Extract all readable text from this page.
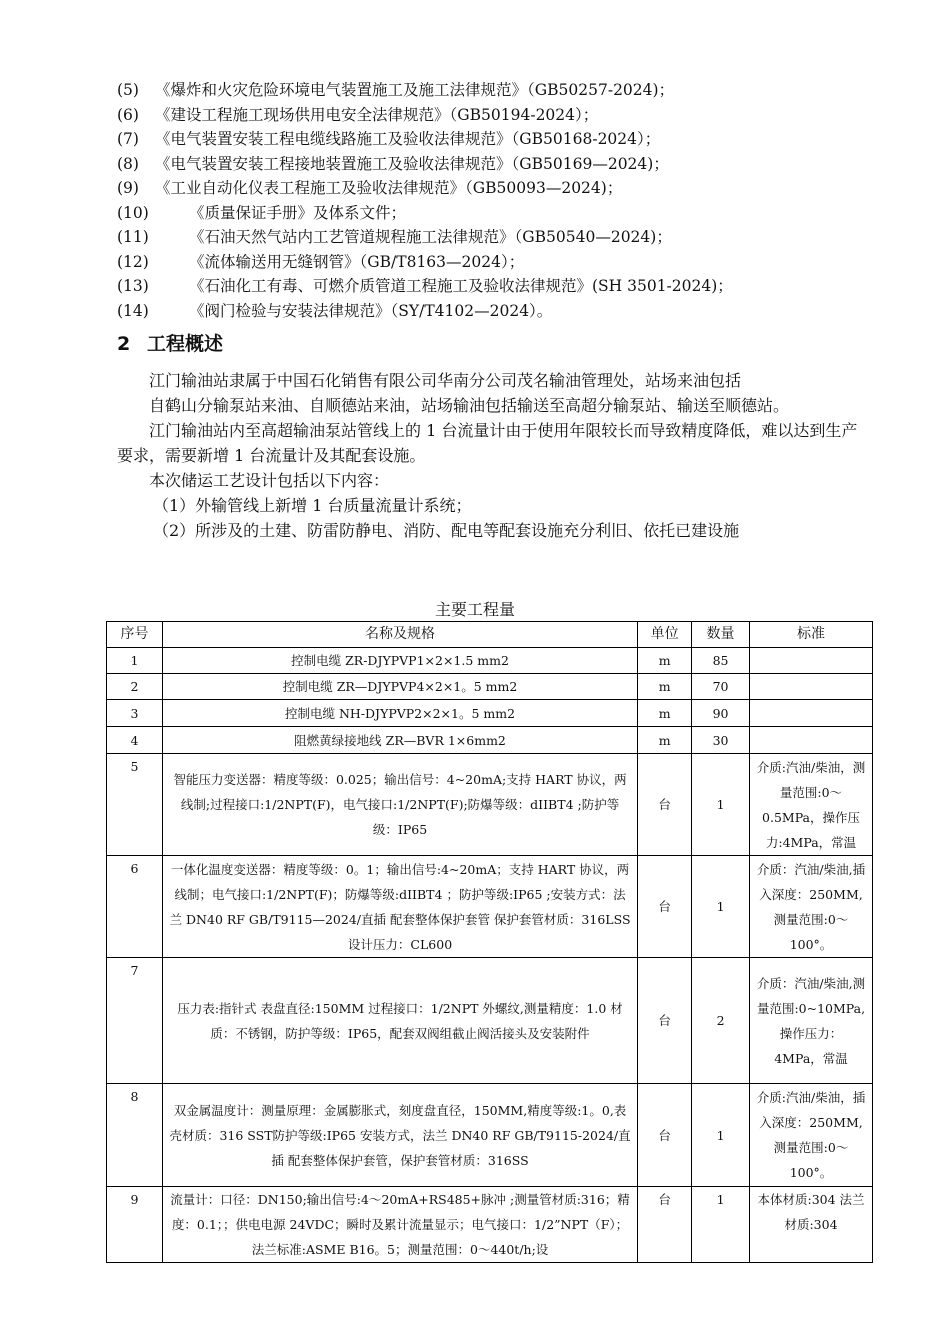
(5) 《爆炸和火灾危险环境电气装置施工及施工法律规范》（GB50257-2024)；
(6) 《建设工程施工现场供用电安全法律规范》（GB50194-2024）；
(7) 《电气装置安装工程电缆线路施工及验收法律规范》（GB50168-2024）；
(8) 《电气装置安装工程接地装置施工及验收法律规范》（GB50169—2024)；
(9) 《工业自动化仪表工程施工及验收法律规范》（GB50093—2024)；
(10)	《质量保证手册》及体系文件；
(11)	《石油天然气站内工艺管道规程施工法律规范》（GB50540—2024)；
(12)	《流体输送用无缝钢管》（GB/T8163—2024）；
(13)	《石油化工有毒、可燃介质管道工程施工及验收法律规范》(SH 3501-2024)；
(14)	《阀门检验与安装法律规范》（SY/T4102—2024）。
2 工程概述

江门输油站隶属于中国石化销售有限公司华南分公司茂名输油管理处，站场来油包括

自鹤山分输泵站来油、自顺德站来油，站场输油包括输送至高超分输泵站、输送至顺德站。

江门输油站内至高超输油泵站管线上的 1 台流量计由于使用年限较长而导致精度降低，难以达到生产要求，需要新增 1 台流量计及其配套设施。

本次储运工艺设计包括以下内容：

（1）外输管线上新增 1 台质量流量计系统；

（2）所涉及的土建、防雷防静电、消防、配电等配套设施充分利旧、依托已建设施

主要工程量
序号	名称及规格	单位	数量	标准
1	控制电缆 ZR-DJYPVP1×2×1.5 mm2	m	85	
2	控制电缆 ZR—DJYPVP4×2×1。5 mm2	m	70	
3	控制电缆 NH-DJYPVP2×2×1。5 mm2	m	90	
4	阻燃黄绿接地线 ZR—BVR 1×6mm2	m	30	
5	智能压力变送器：精度等级：0.025；输出信号：4~20mA;支持 HART 协议，两线制;过程接口:1/2NPT(F)，电气接口:1/2NPT(F);防爆等级：dIIBT4 ;防护等级：IP65	台	1	介质:汽油/柴油，测量范围:0～0.5MPa，操作压力:4MPa，常温
6	一体化温度变送器：精度等级：0。1；输出信号:4~20mA；支持 HART 协议，两线制；电气接口:1/2NPT(F)；防爆等级:dIIBT4 ；防护等级:IP65 ;安装方式：法兰 DN40 RF GB/T9115—2024/直插 配套整体保护套管 保护套管材质：316LSS 设计压力：CL600	台	1	介质：汽油/柴油,插入深度：250MM,测量范围:0～100°。
7	压力表:指针式 表盘直径:150MM 过程接口：1/2NPT 外螺纹,测量精度：1.0 材质：不锈钢，防护等级：IP65，配套双阀组截止阀活接头及安装附件	台	2	介质：汽油/柴油,测量范围:0~10MPa,操作压力：4MPa，常温
8	双金属温度计：测量原理：金属膨胀式，刻度盘直径，150MM,精度等级:1。0,表壳材质：316 SST防护等级:IP65 安装方式，法兰 DN40 RF GB/T9115-2024/直插 配套整体保护套管，保护套管材质：316SS	台	1	介质:汽油/柴油，插入深度：250MM,测量范围:0～100°。
9	流量计：口径：DN150;输出信号:4～20mA+RS485+脉冲 ;测量管材质:316；精度：0.1；；供电电源 24VDC；瞬时及累计流量显示；电气接口：1/2”NPT（F）；法兰标准:ASME B16。5；测量范围：0～440t/h;设	台	1	本体材质:304 法兰材质:304
